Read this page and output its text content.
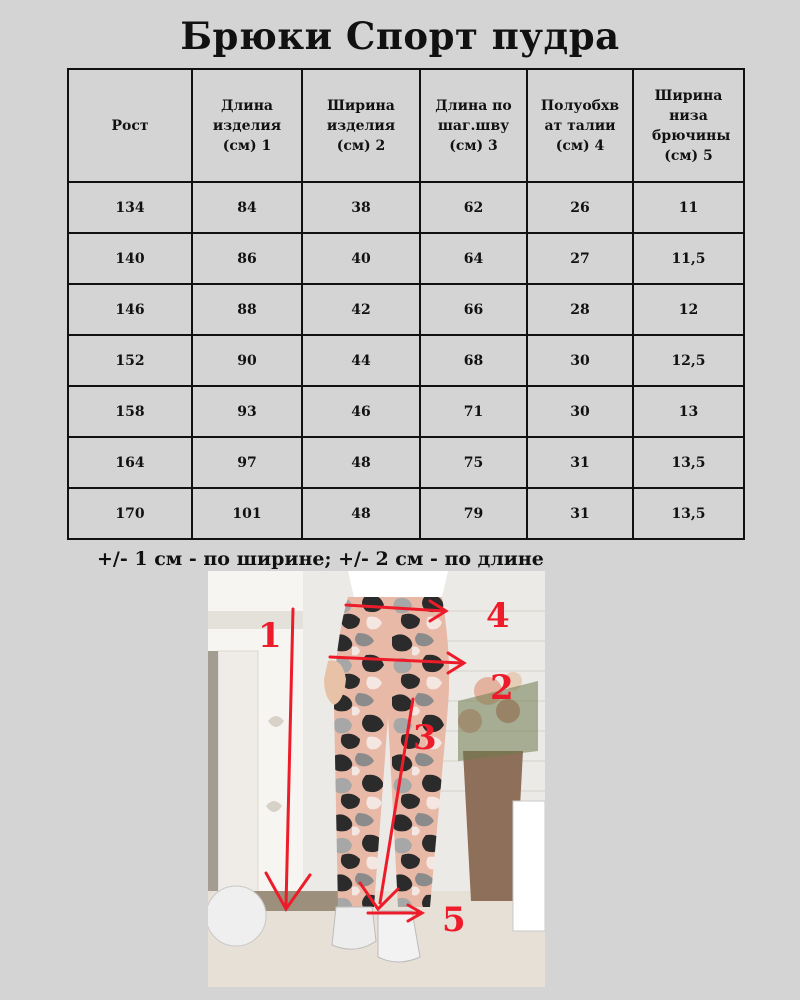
Брюки Спорт пудра
Рост	Длина изделия (см) 1	Ширина изделия (см) 2	Длина по шаг.шву (см) 3	Полуобхв ат талии (см) 4	Ширина низа брючины (см) 5
134	84	38	62	26	11
140	86	40	64	27	11,5
146	88	42	66	28	12
152	90	44	68	30	12,5
158	93	46	71	30	13
164	97	48	75	31	13,5
170	101	48	79	31	13,5
+/- 1 см - по ширине; +/- 2 см - по длине
1
2
3
4
5
